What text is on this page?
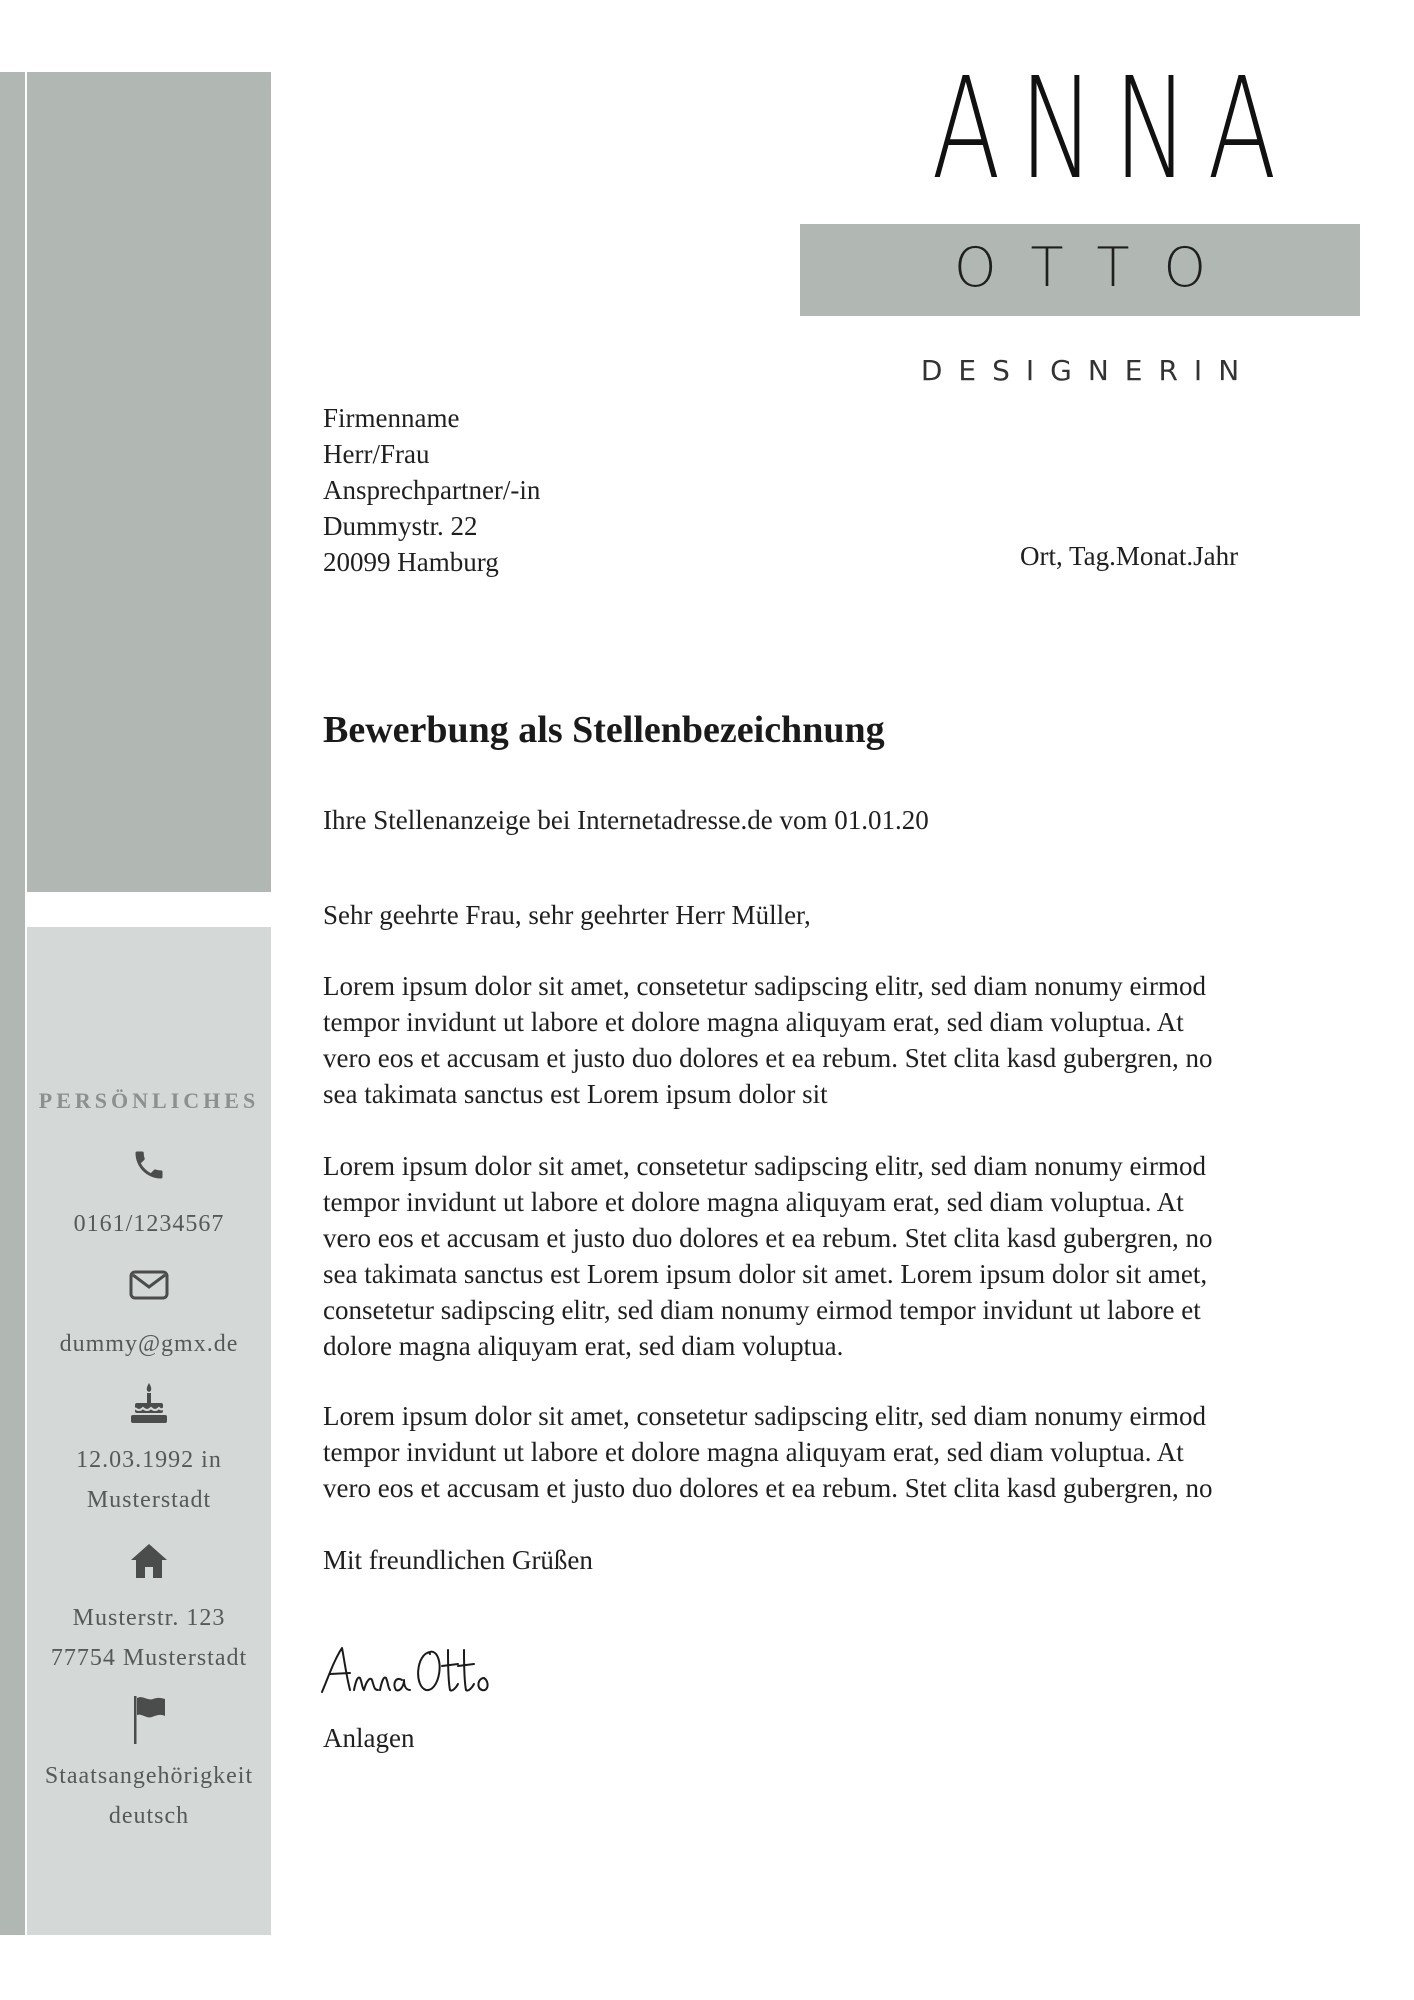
PERSÖNLICHES
0161/1234567
dummy@gmx.de
12.03.1992 in
Musterstadt
Musterstr. 123
77754 Musterstadt
Staatsangehörigkeit
deutsch
ANNA
OTTO
DESIGNERIN
Firmenname
Herr/Frau
Ansprechpartner/-in
Dummystr. 22
20099 Hamburg	Ort, Tag.Monat.Jahr
Bewerbung als Stellenbezeichnung
Ihre Stellenanzeige bei Internetadresse.de vom 01.01.20
Sehr geehrte Frau, sehr geehrter Herr Müller,
Lorem ipsum dolor sit amet, consetetur sadipscing elitr, sed diam nonumy eirmod
tempor invidunt ut labore et dolore magna aliquyam erat, sed diam voluptua. At
vero eos et accusam et justo duo dolores et ea rebum. Stet clita kasd gubergren, no
sea takimata sanctus est Lorem ipsum dolor sit
Lorem ipsum dolor sit amet, consetetur sadipscing elitr, sed diam nonumy eirmod
tempor invidunt ut labore et dolore magna aliquyam erat, sed diam voluptua. At
vero eos et accusam et justo duo dolores et ea rebum. Stet clita kasd gubergren, no
sea takimata sanctus est Lorem ipsum dolor sit amet. Lorem ipsum dolor sit amet,
consetetur sadipscing elitr, sed diam nonumy eirmod tempor invidunt ut labore et
dolore magna aliquyam erat, sed diam voluptua.
Lorem ipsum dolor sit amet, consetetur sadipscing elitr, sed diam nonumy eirmod
tempor invidunt ut labore et dolore magna aliquyam erat, sed diam voluptua. At
vero eos et accusam et justo duo dolores et ea rebum. Stet clita kasd gubergren, no
Mit freundlichen Grüßen
Anlagen
